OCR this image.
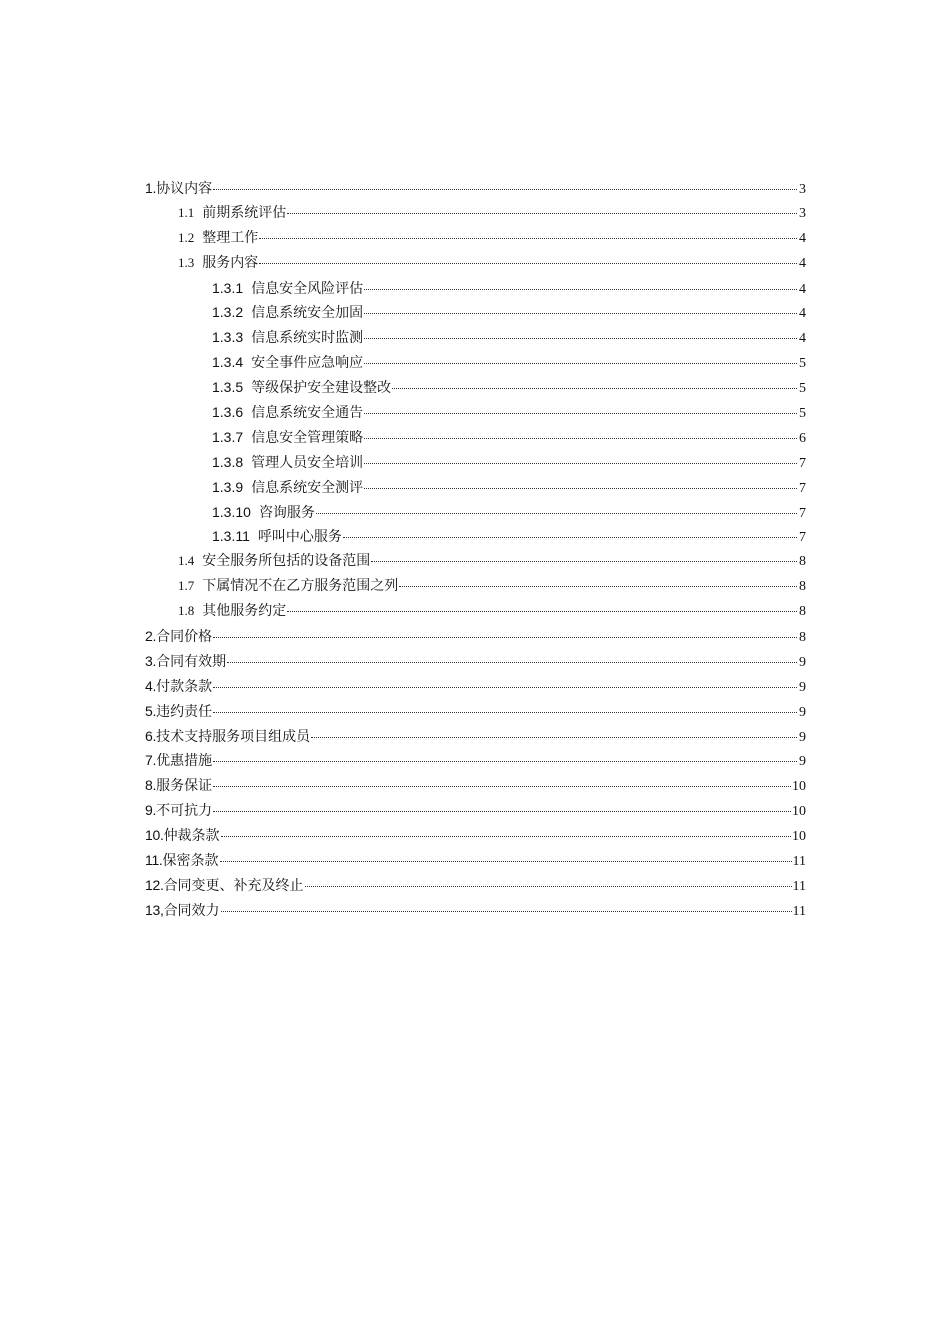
1. 协议内容	3
1.1 前期系统评估	3
1.2 整理工作	4
1.3 服务内容	4
1.3.1 信息安全风险评估	4
1.3.2 信息系统安全加固	4
1.3.3 信息系统实时监测	4
1.3.4 安全事件应急响应	5
1.3.5 等级保护安全建设整改	5
1.3.6 信息系统安全通告	5
1.3.7 信息安全管理策略	6
1.3.8 管理人员安全培训	7
1.3.9 信息系统安全测评	7
1.3.10 咨询服务	7
1.3.11 呼叫中心服务	7
1.4 安全服务所包括的设备范围	8
1.7 下属情况不在乙方服务范围之列	8
1.8 其他服务约定	8
2. 合同价格	8
3. 合同有效期	9
4. 付款条款	9
5. 违约责任	9
6. 技术支持服务项目组成员	9
7. 优惠措施	9
8. 服务保证	10
9. 不可抗力	10
10. 仲裁条款	10
11. 保密条款	11
12. 合同变更、补充及终止	11
13, 合同效力	11
